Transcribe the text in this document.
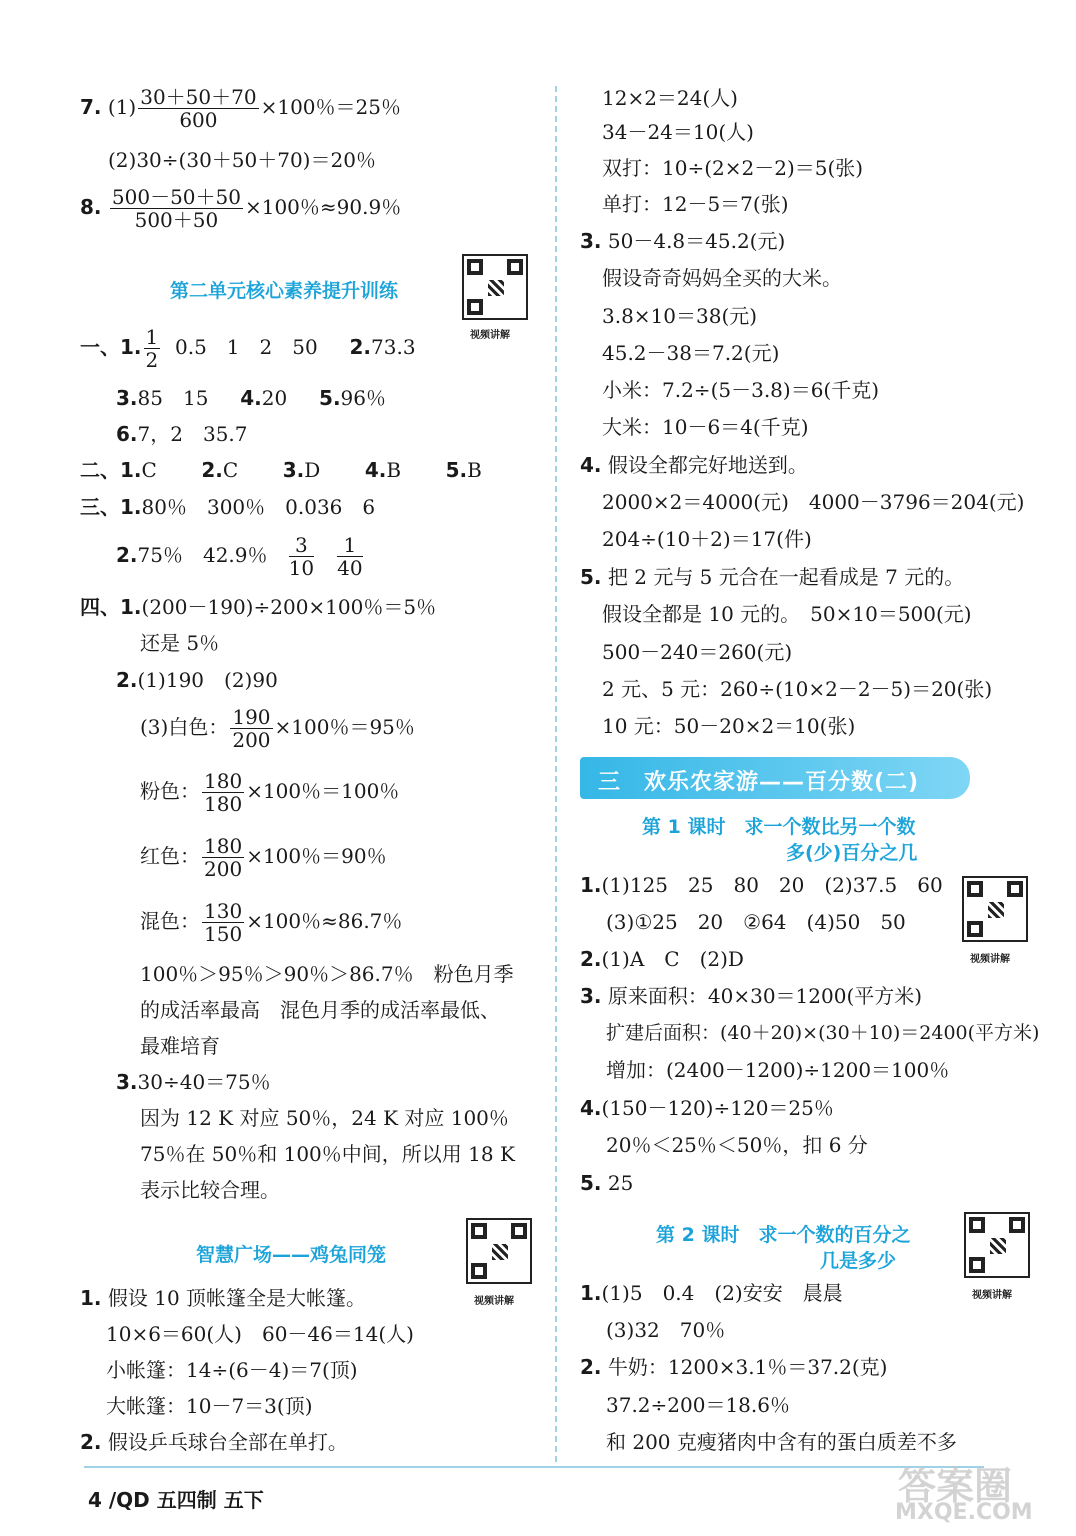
7. $(1) \frac{30+50+70}{600} \times 100$％＝25％
(2)30÷(30＋50＋70)＝20％
8. $\frac{500-50+50}{500+50} \times 100$％≈90.9％
第二单元核心素养提升训练
视频讲解
一、1. $\frac{1}{2} 0.5$　1　2　50 2.73.3
3.85　15 4.20 5.96％
6.7，2　35.7
二、1.C 2.C 3.D 4.B 5.B
三、1.80％　300％　0.036　6
2.75％　42.9％ $\frac{3}{10}$
$\frac{1}{40}$
四、1.(200－190)÷200×100％＝5％
还是 5％
2.(1)190　(2)90
(3)白色： $\frac{190}{200} \times 100$％＝95％
粉色： $\frac{180}{180} \times 100$％＝100％
红色： $\frac{180}{200} \times 100$％＝90％
混色： $\frac{130}{150} \times 100$％≈86.7％
100％＞95％＞90％＞86.7％　粉色月季
的成活率最高　混色月季的成活率最低、
最难培育
3.30÷40＝75％
因为 12 K 对应 50％，24 K 对应 100％
75％在 50％和 100％中间，所以用 18 K
表示比较合理。
智慧广场——鸡兔同笼
视频讲解
1. 假设 10 顶帐篷全是大帐篷。
10×6＝60(人)　60－46＝14(人)
小帐篷：14÷(6－4)＝7(顶)
大帐篷：10－7＝3(顶)
2. 假设乒乓球台全部在单打。
12×2＝24(人)
34－24＝10(人)
双打：10÷(2×2－2)＝5(张)
单打：12－5＝7(张)
3. 50－4.8＝45.2(元)
假设奇奇妈妈全买的大米。
3.8×10＝38(元)
45.2－38＝7.2(元)
小米：7.2÷(5－3.8)＝6(千克)
大米：10－6＝4(千克)
4. 假设全都完好地送到。
2000×2＝4000(元)　4000－3796＝204(元)
204÷(10＋2)＝17(件)
5. 把 2 元与 5 元合在一起看成是 7 元的。
假设全都是 10 元的。　50×10＝500(元)
500－240＝260(元)
2 元、5 元：260÷(10×2－2－5)＝20(张)
10 元：50－20×2＝10(张)
三　欢乐农家游——百分数(二)
第 1 课时　求一个数比另一个数
多(少)百分之几
1.(1)125　25　80　20　(2)37.5　60
(3)①25　20　②64　(4)50　50
视频讲解
2.(1)A　C　(2)D
3. 原来面积：40×30＝1200(平方米)
扩建后面积：(40＋20)×(30＋10)＝2400(平方米)
增加：(2400－1200)÷1200＝100％
4.(150－120)÷120＝25％
20％＜25％＜50％，扣 6 分
5. 25
第 2 课时　求一个数的百分之
几是多少
视频讲解
1.(1)5　0.4　(2)安安　晨晨
(3)32　70％
2. 牛奶：1200×3.1％＝37.2(克)
37.2÷200＝18.6％
和 200 克瘦猪肉中含有的蛋白质差不多
4 /QD 五四制 五下	答案圈
MXQE.COM
